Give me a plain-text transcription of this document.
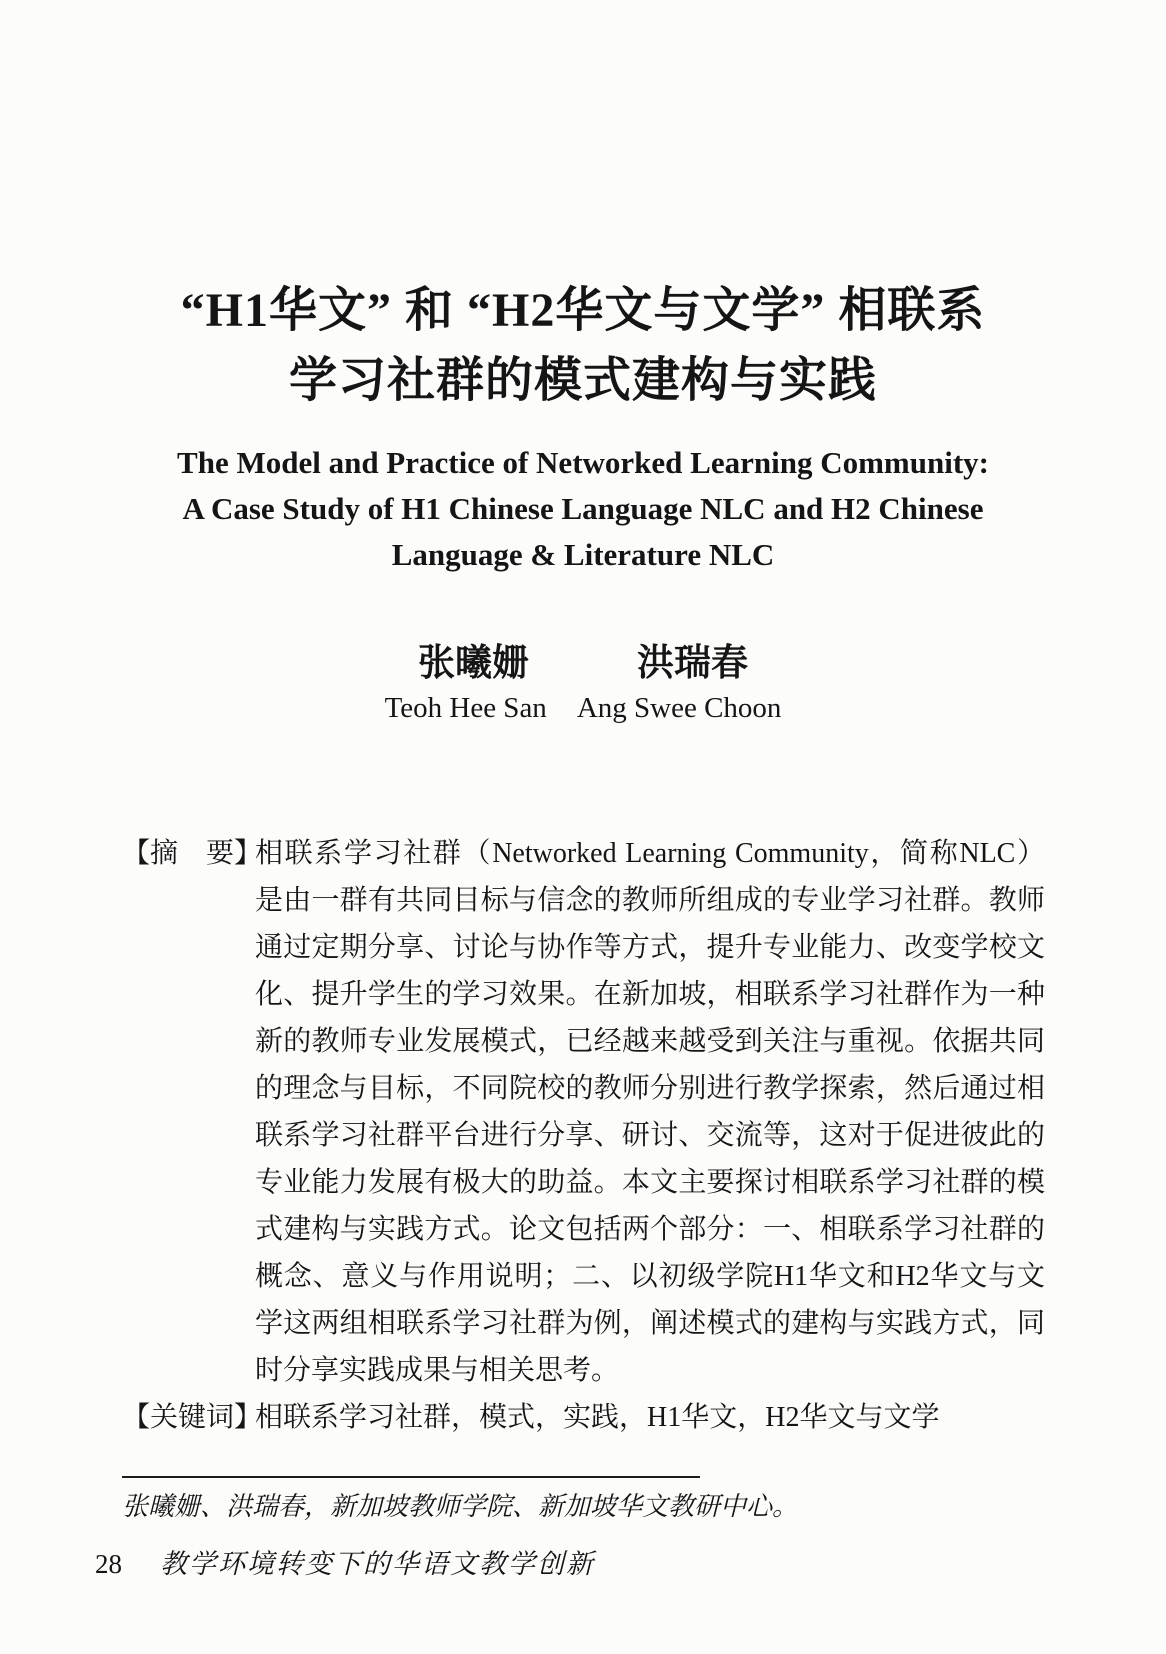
“H1华文” 和 “H2华文与文学” 相联系
学习社群的模式建构与实践
The Model and Practice of Networked Learning Community:
A Case Study of H1 Chinese Language NLC and H2 Chinese
Language & Literature NLC
张曦姗	洪瑞春
Teoh Hee San Ang Swee Choon
【摘　要】
相联系学习社群（Networked Learning Community，简称NLC）是由一群有共同目标与信念的教师所组成的专业学习社群。教师通过定期分享、讨论与协作等方式，提升专业能力、改变学校文化、提升学生的学习效果。在新加坡，相联系学习社群作为一种新的教师专业发展模式，已经越来越受到关注与重视。依据共同的理念与目标，不同院校的教师分别进行教学探索，然后通过相联系学习社群平台进行分享、研讨、交流等，这对于促进彼此的专业能力发展有极大的助益。本文主要探讨相联系学习社群的模式建构与实践方式。论文包括两个部分：一、相联系学习社群的概念、意义与作用说明；二、以初级学院H1华文和H2华文与文学这两组相联系学习社群为例，阐述模式的建构与实践方式，同时分享实践成果与相关思考。
【关键词】
相联系学习社群，模式，实践，H1华文，H2华文与文学
张曦姗、洪瑞春，新加坡教师学院、新加坡华文教研中心。
28 教学环境转变下的华语文教学创新
